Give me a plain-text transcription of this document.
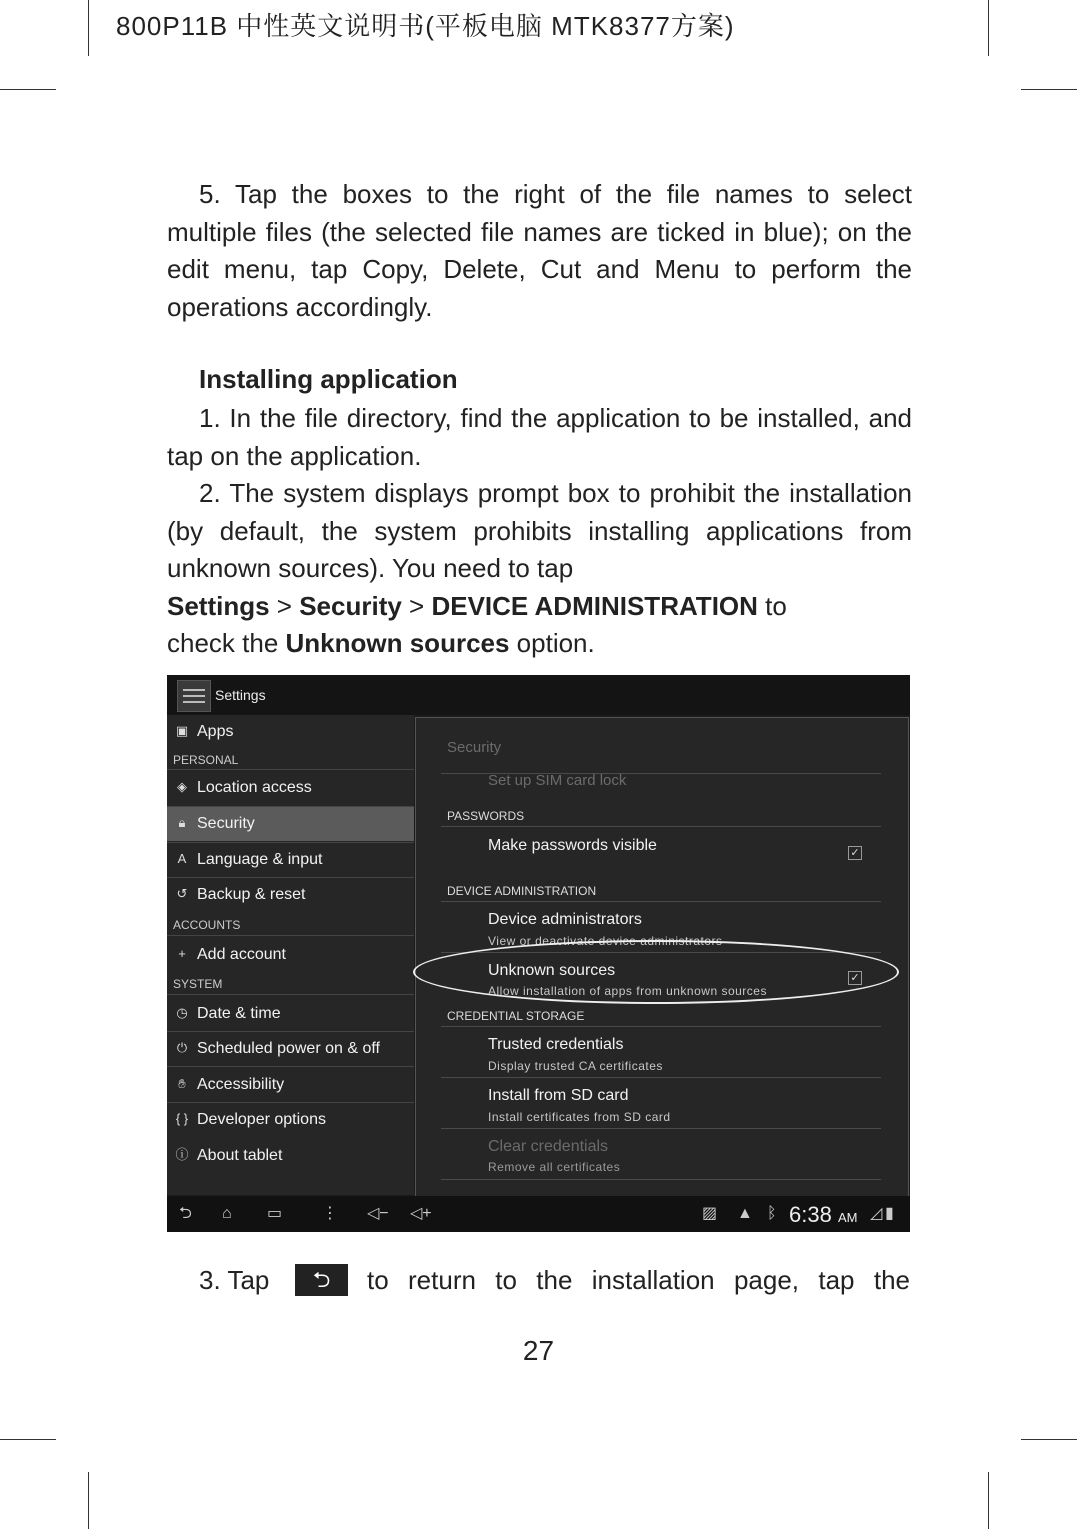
800P11B 中性英文说明书(平板电脑 MTK8377方案)
5. Tap the boxes to the right of the file names to select multiple files (the selected file names are ticked in blue); on the edit menu, tap Copy, Delete, Cut and Menu to perform the operations accordingly.
Installing application
1. In the file directory, find the application to be installed, and tap on the application.
2. The system displays prompt box to prohibit the installation (by default, the system prohibits installing applications from unknown sources). You need to tap
Settings > Security > DEVICE ADMINISTRATION to
check the Unknown sources option.
Settings
▣ Apps
PERSONAL
◈ Location access
🔒︎ Security
A Language & input
↺ Backup & reset
ACCOUNTS
+ Add account
SYSTEM
◷ Date & time
⏻ Scheduled power on & off
✋︎ Accessibility
{ } Developer options
ⓘ About tablet
Security
Set up SIM card lock
PASSWORDS
Make passwords visible	✓
DEVICE ADMINISTRATION
Device administrators
View or deactivate device administrators
Unknown sources
Allow installation of apps from unknown sources
✓
CREDENTIAL STORAGE
Trusted credentials
Display trusted CA certificates
Install from SD card
Install certificates from SD card
Clear credentials
Remove all certificates
⮌ ⌂ ▭ ⋮ ◁− ◁+	▨ ▲ ᛒ 6:38 AM ◿ ▮
3. Tap	⮌	to return to the installation page, tap the
27
